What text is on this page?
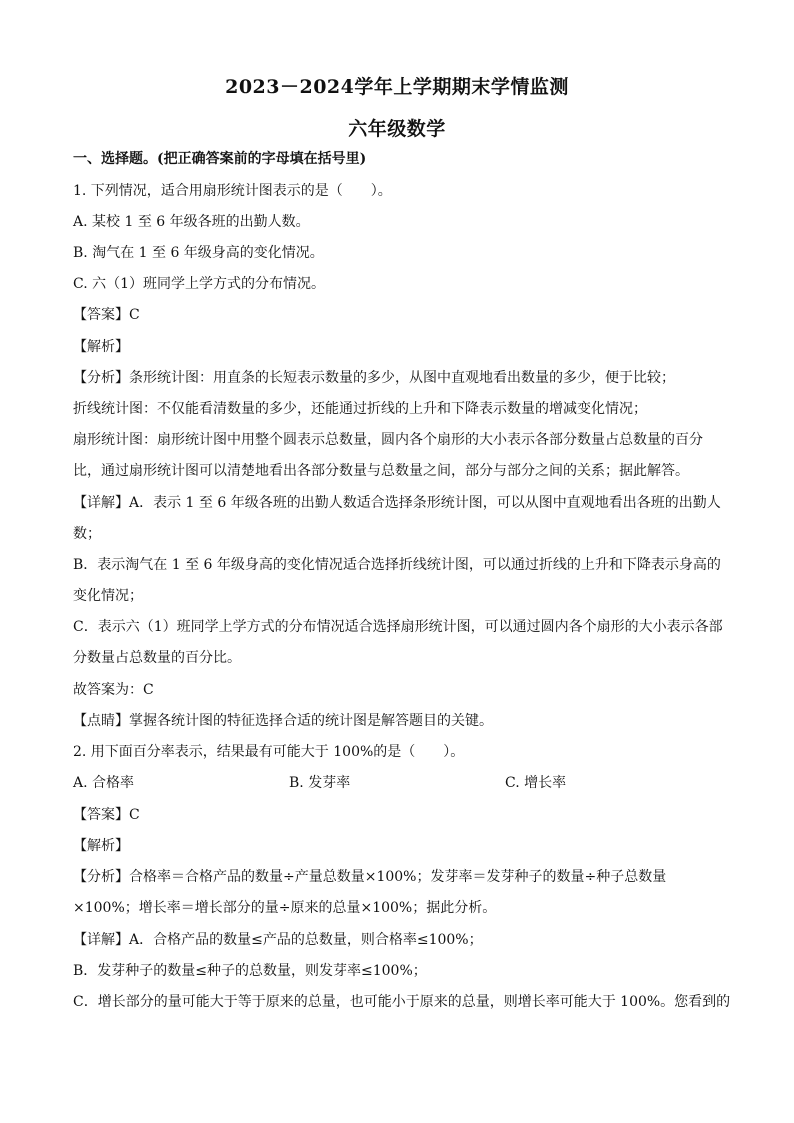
2023－2024学年上学期期末学情监测
六年级数学
一、选择题。(把正确答案前的字母填在括号里)
1. 下列情况，适合用扇形统计图表示的是（　　）。
A. 某校 1 至 6 年级各班的出勤人数。
B. 淘气在 1 至 6 年级身高的变化情况。
C. 六（1）班同学上学方式的分布情况。
【答案】C
【解析】
【分析】条形统计图：用直条的长短表示数量的多少，从图中直观地看出数量的多少，便于比较；
折线统计图：不仅能看清数量的多少，还能通过折线的上升和下降表示数量的增减变化情况；
扇形统计图：扇形统计图中用整个圆表示总数量，圆内各个扇形的大小表示各部分数量占总数量的百分
比，通过扇形统计图可以清楚地看出各部分数量与总数量之间，部分与部分之间的关系；据此解答。
【详解】A．表示 1 至 6 年级各班的出勤人数适合选择条形统计图，可以从图中直观地看出各班的出勤人
数；
B．表示淘气在 1 至 6 年级身高的变化情况适合选择折线统计图，可以通过折线的上升和下降表示身高的
变化情况；
C．表示六（1）班同学上学方式的分布情况适合选择扇形统计图，可以通过圆内各个扇形的大小表示各部
分数量占总数量的百分比。
故答案为：C
【点睛】掌握各统计图的特征选择合适的统计图是解答题目的关键。
2. 用下面百分率表示，结果最有可能大于 100%的是（　　）。
A. 合格率	B. 发芽率	C. 增长率
【答案】C
【解析】
【分析】合格率＝合格产品的数量÷产量总数量×100%；发芽率＝发芽种子的数量÷种子总数量
×100%；增长率＝增长部分的量÷原来的总量×100%；据此分析。
【详解】A．合格产品的数量≤产品的总数量，则合格率≤100%；
B．发芽种子的数量≤种子的总数量，则发芽率≤100%；
C．增长部分的量可能大于等于原来的总量，也可能小于原来的总量，则增长率可能大于 100%。您看到的
